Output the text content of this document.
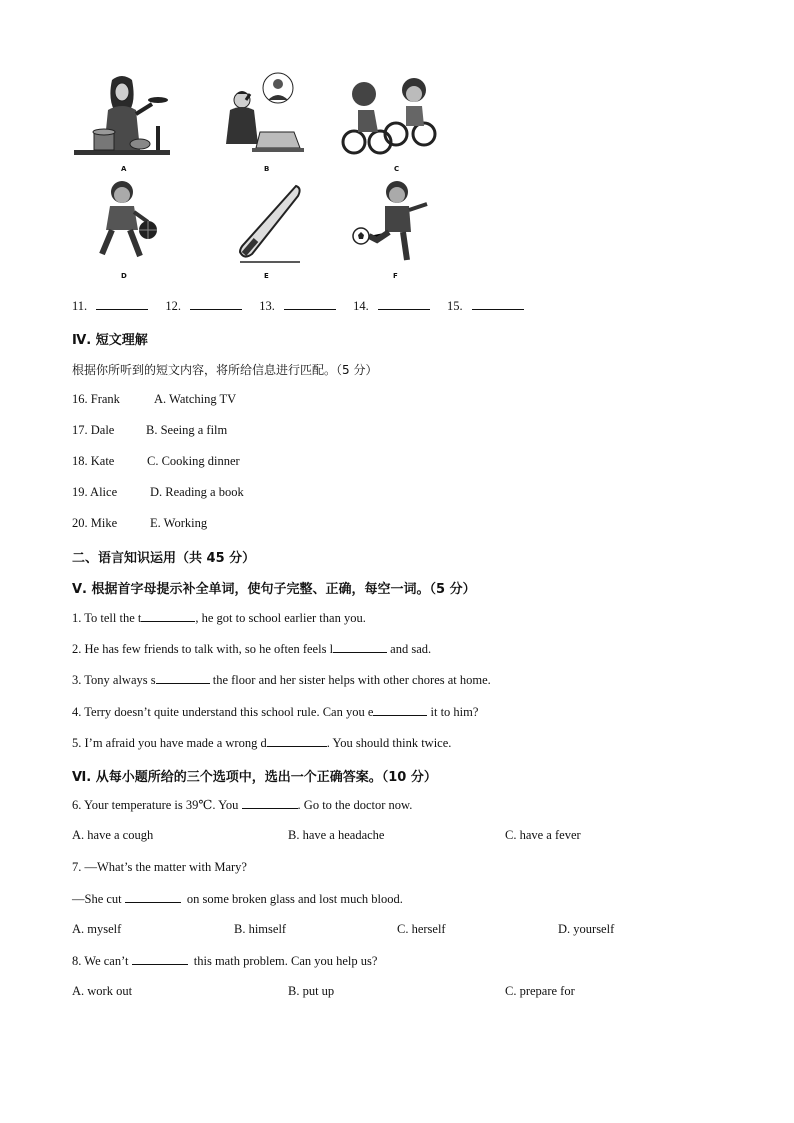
A	B	C
D	E	F
11.	12.	13.	14.	15.
Ⅳ. 短文理解
根据你所听到的短文内容，将所给信息进行匹配。（5 分）
16. Frank	A. Watching TV
17. Dale	B. Seeing a film
18. Kate	C. Cooking dinner
19. Alice	D. Reading a book
20. Mike	E. Working
二、语言知识运用（共 45 分）
Ⅴ. 根据首字母提示补全单词，使句子完整、正确，每空一词。（5 分）
1. To tell the t	, he got to school earlier than you.
2. He has few friends to talk with, so he often feels l	and sad.
3. Tony always s	the floor and her sister helps with other chores at home.
4. Terry doesn’t quite understand this school rule. Can you e	it to him?
5. I’m afraid you have made a wrong d	. You should think twice.
Ⅵ. 从每小题所给的三个选项中，选出一个正确答案。（10 分）
6. Your temperature is 39℃. You	. Go to the doctor now.
A. have a cough	B. have a headache	C. have a fever
7. —What’s the matter with Mary?
—She cut	on some broken glass and lost much blood.
A. myself	B. himself	C. herself	D. yourself
8. We can’t	this math problem. Can you help us?
A. work out	B. put up	C. prepare for
